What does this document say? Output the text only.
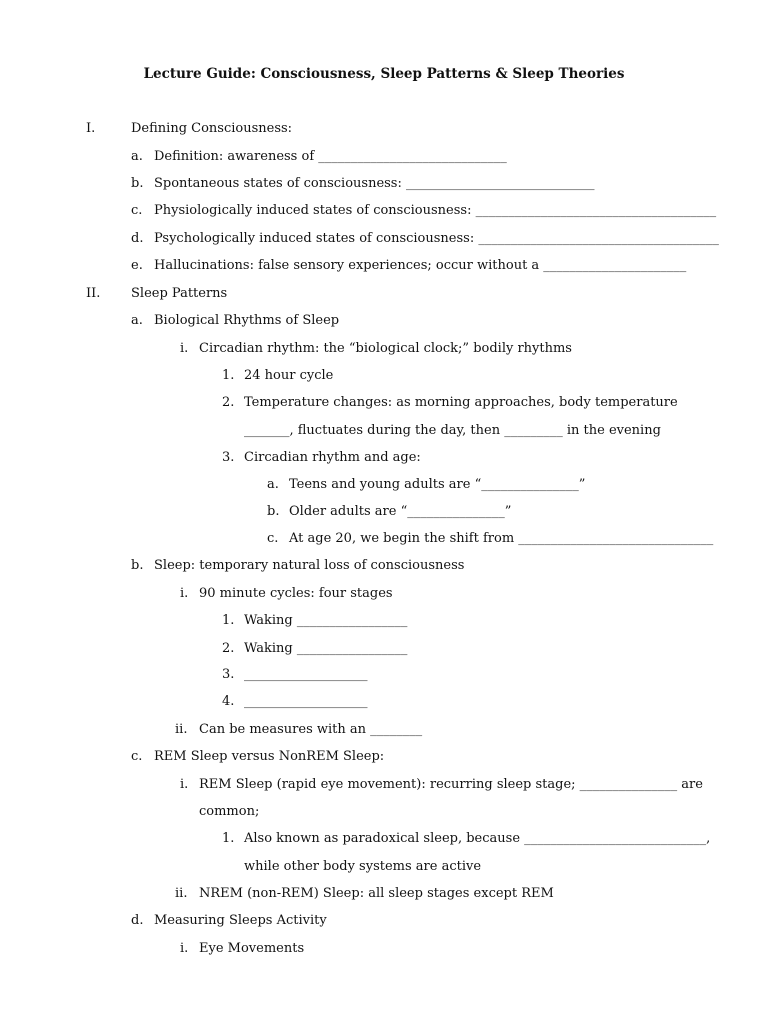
Lecture Guide: Consciousness, Sleep Patterns & Sleep Theories
I.	Defining Consciousness:
a. Definition: awareness of _____________________________
b. Spontaneous states of consciousness: _____________________________
c. Physiologically induced states of consciousness: _____________________________________
d. Psychologically induced states of consciousness: _____________________________________
e. Hallucinations: false sensory experiences; occur without a ______________________
II. Sleep Patterns
a. Biological Rhythms of Sleep
i. Circadian rhythm: the “biological clock;” bodily rhythms
1. 24 hour cycle
2. Temperature changes: as morning approaches, body temperature
_______, fluctuates during the day, then _________ in the evening
3. Circadian rhythm and age:
a. Teens and young adults are “_______________”
b. Older adults are “_______________”
c. At age 20, we begin the shift from ______________________________
b. Sleep: temporary natural loss of consciousness
i. 90 minute cycles: four stages
1. Waking _________________
2. Waking _________________
3. ___________________
4. ___________________
ii. Can be measures with an ________
c. REM Sleep versus NonREM Sleep:
i. REM Sleep (rapid eye movement): recurring sleep stage; _______________ are
common;
1. Also known as paradoxical sleep, because ____________________________,
while other body systems are active
ii. NREM (non-REM) Sleep: all sleep stages except REM
d. Measuring Sleeps Activity
i. Eye Movements
